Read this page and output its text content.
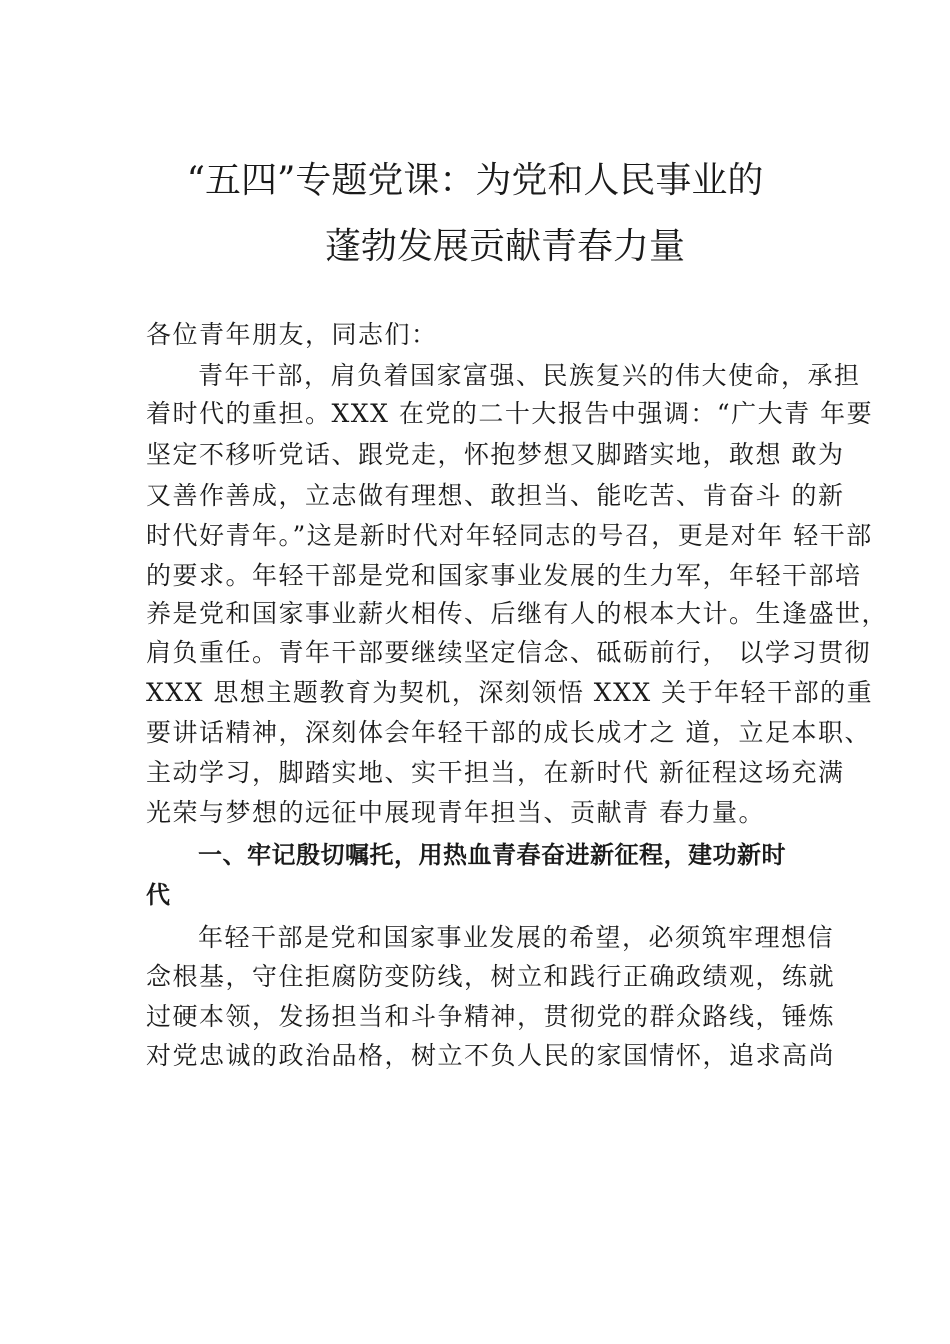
“五四”专题党课：为党和人民事业的
蓬勃发展贡献青春力量
各位青年朋友，同志们：
青年干部，肩负着国家富强、民族复兴的伟大使命，承担
着时代的重担。XXX 在党的二十大报告中强调：“广大青 年要
坚定不移听党话、跟党走，怀抱梦想又脚踏实地，敢想 敢为
又善作善成，立志做有理想、敢担当、能吃苦、肯奋斗 的新
时代好青年。”这是新时代对年轻同志的号召，更是对年 轻干部
的要求。年轻干部是党和国家事业发展的生力军，年轻干部培
养是党和国家事业薪火相传、后继有人的根本大计。生逢盛世，
肩负重任。青年干部要继续坚定信念、砥砺前行， 以学习贯彻
XXX 思想主题教育为契机，深刻领悟 XXX 关于年轻干部的重
要讲话精神，深刻体会年轻干部的成长成才之 道，立足本职、
主动学习，脚踏实地、实干担当，在新时代 新征程这场充满
光荣与梦想的远征中展现青年担当、贡献青 春力量。
一、牢记殷切嘱托，用热血青春奋进新征程，建功新时
代
年轻干部是党和国家事业发展的希望，必须筑牢理想信
念根基，守住拒腐防变防线，树立和践行正确政绩观，练就
过硬本领，发扬担当和斗争精神，贯彻党的群众路线，锤炼
对党忠诚的政治品格，树立不负人民的家国情怀，追求高尚
